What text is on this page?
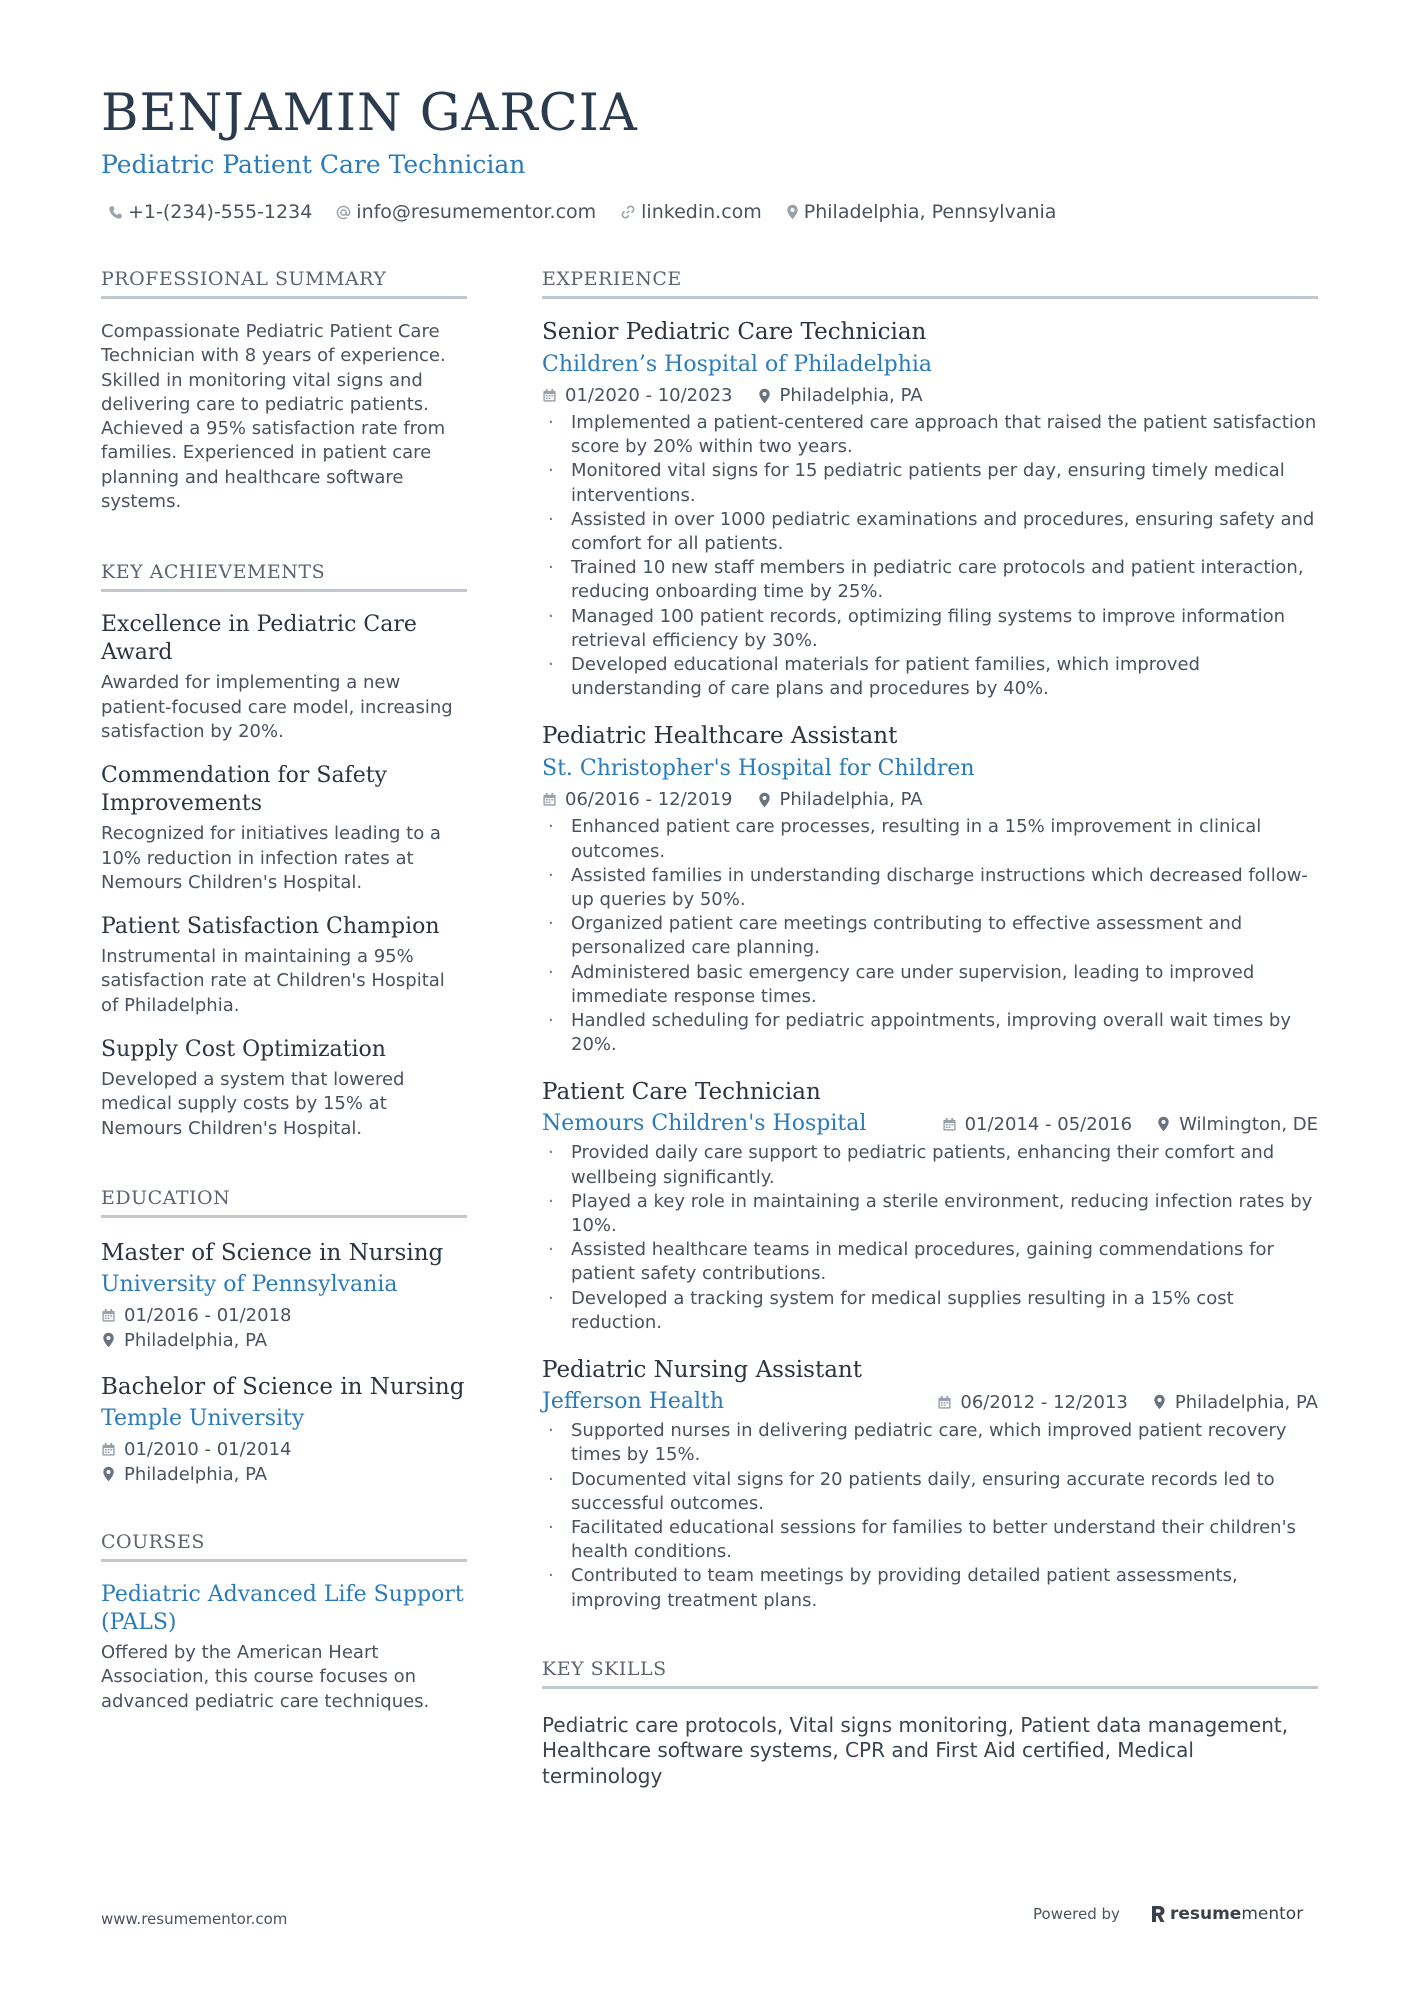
BENJAMIN GARCIA
Pediatric Patient Care Technician
+1-(234)-555-1234 info@resumementor.com linkedin.com Philadelphia, Pennsylvania
PROFESSIONAL SUMMARY
Compassionate Pediatric Patient Care Technician with 8 years of experience. Skilled in monitoring vital signs and delivering care to pediatric patients. Achieved a 95% satisfaction rate from families. Experienced in patient care planning and healthcare software systems.
KEY ACHIEVEMENTS
Excellence in Pediatric Care Award
Awarded for implementing a new patient-focused care model, increasing satisfaction by 20%.
Commendation for Safety Improvements
Recognized for initiatives leading to a 10% reduction in infection rates at Nemours Children's Hospital.
Patient Satisfaction Champion
Instrumental in maintaining a 95% satisfaction rate at Children's Hospital of Philadelphia.
Supply Cost Optimization
Developed a system that lowered medical supply costs by 15% at Nemours Children's Hospital.
EDUCATION
Master of Science in Nursing
University of Pennsylvania
01/2016 - 01/2018
Philadelphia, PA
Bachelor of Science in Nursing
Temple University
01/2010 - 01/2014
Philadelphia, PA
COURSES
Pediatric Advanced Life Support (PALS)
Offered by the American Heart Association, this course focuses on advanced pediatric care techniques.
EXPERIENCE
Senior Pediatric Care Technician
Children’s Hospital of Philadelphia
01/2020 - 10/2023	Philadelphia, PA
· Implemented a patient-centered care approach that raised the patient satisfaction score by 20% within two years.
· Monitored vital signs for 15 pediatric patients per day, ensuring timely medical interventions.
· Assisted in over 1000 pediatric examinations and procedures, ensuring safety and comfort for all patients.
· Trained 10 new staff members in pediatric care protocols and patient interaction, reducing onboarding time by 25%.
· Managed 100 patient records, optimizing filing systems to improve information retrieval efficiency by 30%.
· Developed educational materials for patient families, which improved understanding of care plans and procedures by 40%.
Pediatric Healthcare Assistant
St. Christopher's Hospital for Children
06/2016 - 12/2019	Philadelphia, PA
· Enhanced patient care processes, resulting in a 15% improvement in clinical outcomes.
· Assisted families in understanding discharge instructions which decreased follow-up queries by 50%.
· Organized patient care meetings contributing to effective assessment and personalized care planning.
· Administered basic emergency care under supervision, leading to improved immediate response times.
· Handled scheduling for pediatric appointments, improving overall wait times by 20%.
Patient Care Technician
Nemours Children's Hospital	01/2014 - 05/2016	Wilmington, DE
· Provided daily care support to pediatric patients, enhancing their comfort and wellbeing significantly.
· Played a key role in maintaining a sterile environment, reducing infection rates by 10%.
· Assisted healthcare teams in medical procedures, gaining commendations for patient safety contributions.
· Developed a tracking system for medical supplies resulting in a 15% cost reduction.
Pediatric Nursing Assistant
Jefferson Health	06/2012 - 12/2013	Philadelphia, PA
· Supported nurses in delivering pediatric care, which improved patient recovery times by 15%.
· Documented vital signs for 20 patients daily, ensuring accurate records led to successful outcomes.
· Facilitated educational sessions for families to better understand their children's health conditions.
· Contributed to team meetings by providing detailed patient assessments, improving treatment plans.
KEY SKILLS
Pediatric care protocols, Vital signs monitoring, Patient data management, Healthcare software systems, CPR and First Aid certified, Medical terminology
www.resumementor.com	Powered by	resume mentor
